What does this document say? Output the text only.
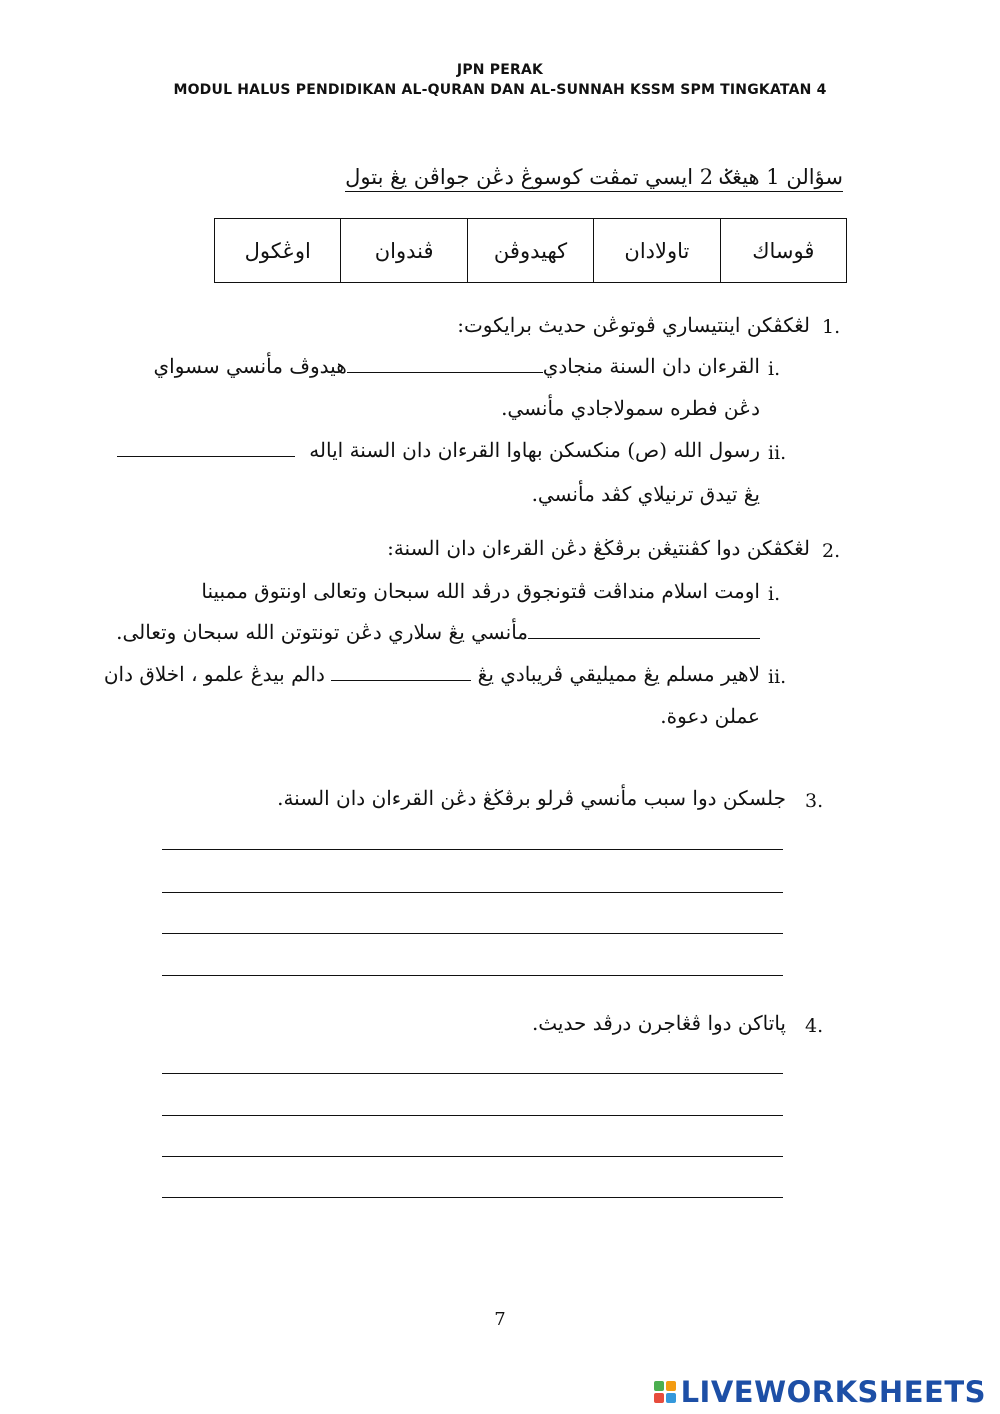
JPN PERAK
MODUL HALUS PENDIDIKAN AL-QURAN DAN AL-SUNNAH KSSM SPM TINGKATAN 4
سؤالن 1 هيڠݢ 2 ايسي تمڤت كوسوڠ دڠن جواڤن يڠ بتول
ڤوساك	تاولادان	كهيدوڤن	ڤندوان	اوڠكول
1.
لڠكڤكن اينتيساري ڤوتوڠن حديث برايكوت:
i.
القرءان دان السنة منجاديهيدوڤ مأنسي سسواي
دڠن فطره سمولاجادي مأنسي.
ii.
رسول الله (ص) منكسكن بهاوا القرءان دان السنة اياله
يڠ تيدق ترنيلاي كڤد مأنسي.
2.
لڠكڤكن دوا كڤنتيڠن برڤڬڠ دڠن القرءان دان السنة:
i.
اومت اسلام منداڤت ڤتونجوق درڤد الله سبحان وتعالى اونتوق ممبينا
مأنسي يڠ سلاري دڠن تونتوتن الله سبحان وتعالى.
ii.
لاهير مسلم يڠ مميليقي ڤريبادي يڠ  دالم بيدڠ علمو ، اخلاق دان
عملن دعوة.
3.
جلسكن دوا سبب مأنسي ڤرلو برڤڬڠ دڠن القرءان دان السنة.
4.
ڽاتاكن دوا ڤڠاجرن درڤد حديث.
7
LIVEWORKSHEETS
